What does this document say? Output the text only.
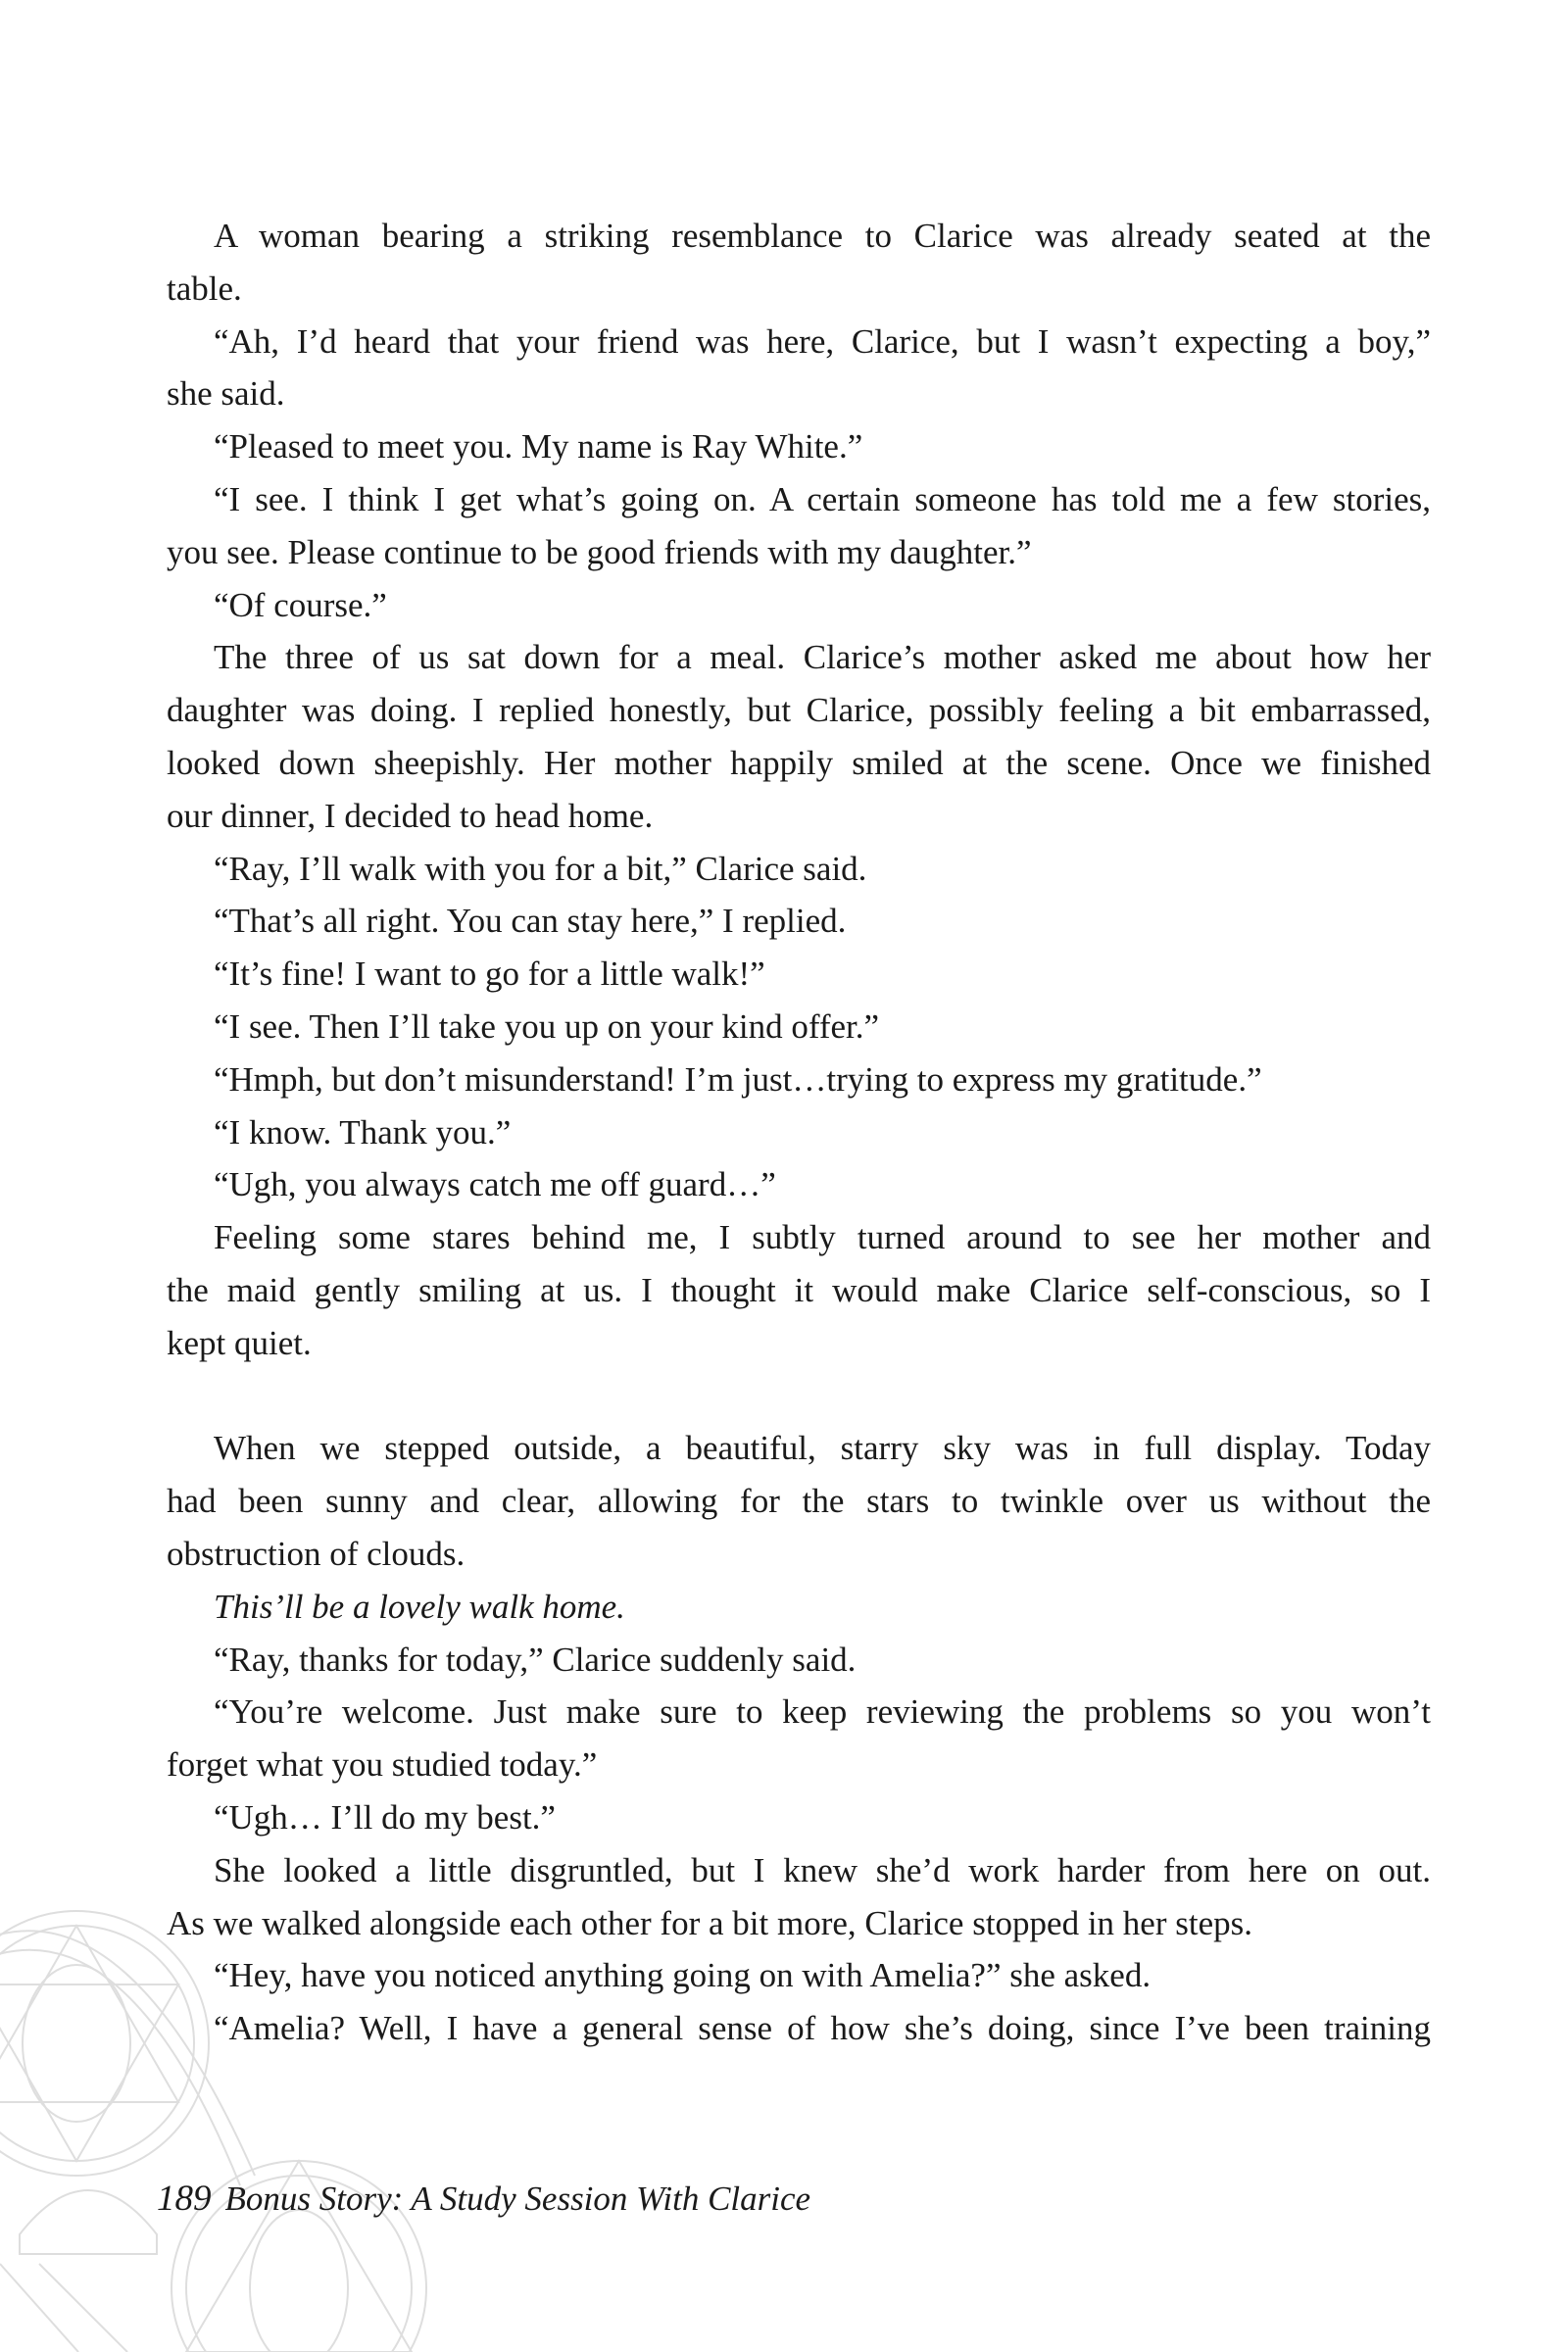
A woman bearing a striking resemblance to Clarice was already seated at the
table.
“Ah, I’d heard that your friend was here, Clarice, but I wasn’t expecting a boy,”
she said.
“Pleased to meet you. My name is Ray White.”
“I see. I think I get what’s going on. A certain someone has told me a few stories,
you see. Please continue to be good friends with my daughter.”
“Of course.”
The three of us sat down for a meal. Clarice’s mother asked me about how her
daughter was doing. I replied honestly, but Clarice, possibly feeling a bit embarrassed,
looked down sheepishly. Her mother happily smiled at the scene. Once we finished
our dinner, I decided to head home.
“Ray, I’ll walk with you for a bit,” Clarice said.
“That’s all right. You can stay here,” I replied.
“It’s fine! I want to go for a little walk!”
“I see. Then I’ll take you up on your kind offer.”
“Hmph, but don’t misunderstand! I’m just…trying to express my gratitude.”
“I know. Thank you.”
“Ugh, you always catch me off guard…”
Feeling some stares behind me, I subtly turned around to see her mother and
the maid gently smiling at us. I thought it would make Clarice self-conscious, so I
kept quiet.
When we stepped outside, a beautiful, starry sky was in full display. Today
had been sunny and clear, allowing for the stars to twinkle over us without the
obstruction of clouds.
This’ll be a lovely walk home.
“Ray, thanks for today,” Clarice suddenly said.
“You’re welcome. Just make sure to keep reviewing the problems so you won’t
forget what you studied today.”
“Ugh… I’ll do my best.”
She looked a little disgruntled, but I knew she’d work harder from here on out.
As we walked alongside each other for a bit more, Clarice stopped in her steps.
“Hey, have you noticed anything going on with Amelia?” she asked.
“Amelia? Well, I have a general sense of how she’s doing, since I’ve been training
189 Bonus Story: A Study Session With Clarice
